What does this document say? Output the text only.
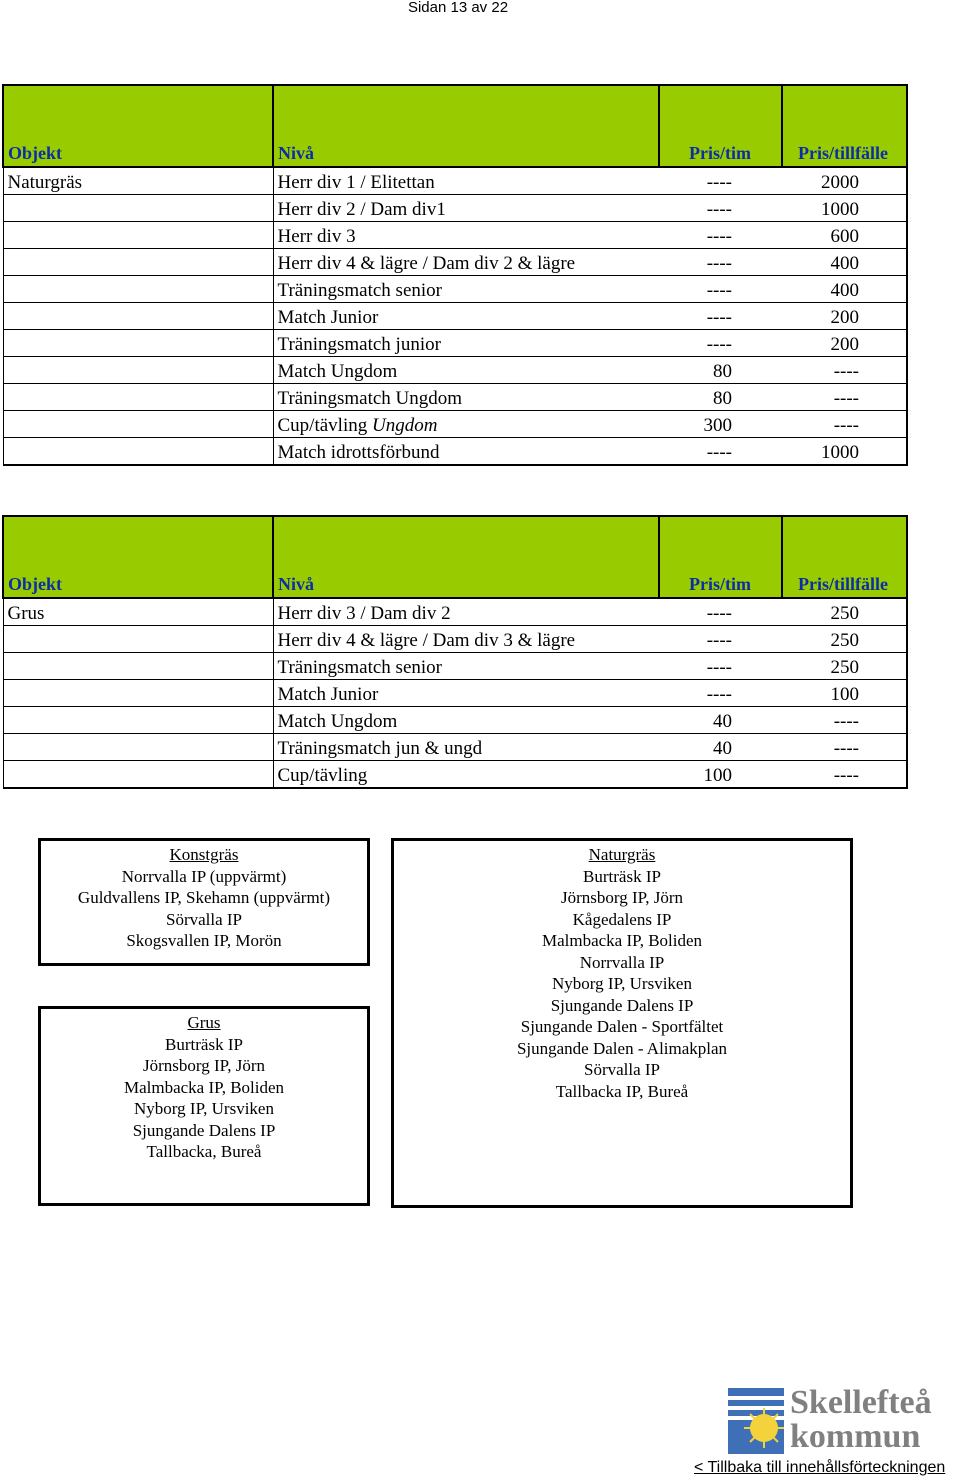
Sidan 13 av 22
Objekt	Nivå	Pris/tim	Pris/tillfälle
Naturgräs	Herr div 1 / Elitettan	----	2000
	Herr div 2 / Dam div1	----	1000
	Herr div 3	----	600
	Herr div 4 & lägre / Dam div 2 & lägre	----	400
	Träningsmatch senior	----	400
	Match Junior	----	200
	Träningsmatch junior	----	200
	Match Ungdom	80	----
	Träningsmatch Ungdom	80	----
	Cup/tävling Ungdom	300	----
	Match idrottsförbund	----	1000
Objekt	Nivå	Pris/tim	Pris/tillfälle
Grus	Herr div 3 / Dam div 2	----	250
	Herr div 4 & lägre / Dam div 3 & lägre	----	250
	Träningsmatch senior	----	250
	Match Junior	----	100
	Match Ungdom	40	----
	Träningsmatch jun & ungd	40	----
	Cup/tävling	100	----
Konstgräs
Norrvalla IP (uppvärmt)
Guldvallens IP, Skehamn (uppvärmt)
Sörvalla IP
Skogsvallen IP, Morön
Grus
Burträsk IP
Jörnsborg IP, Jörn
Malmbacka IP, Boliden
Nyborg IP, Ursviken
Sjungande Dalens IP
Tallbacka, Bureå
Naturgräs
Burträsk IP
Jörnsborg IP, Jörn
Kågedalens IP
Malmbacka IP, Boliden
Norrvalla IP
Nyborg IP, Ursviken
Sjungande Dalens IP
Sjungande Dalen - Sportfältet
Sjungande Dalen - Alimakplan
Sörvalla IP
Tallbacka IP, Bureå
Skellefteå
kommun
< Tillbaka till innehållsförteckningen
